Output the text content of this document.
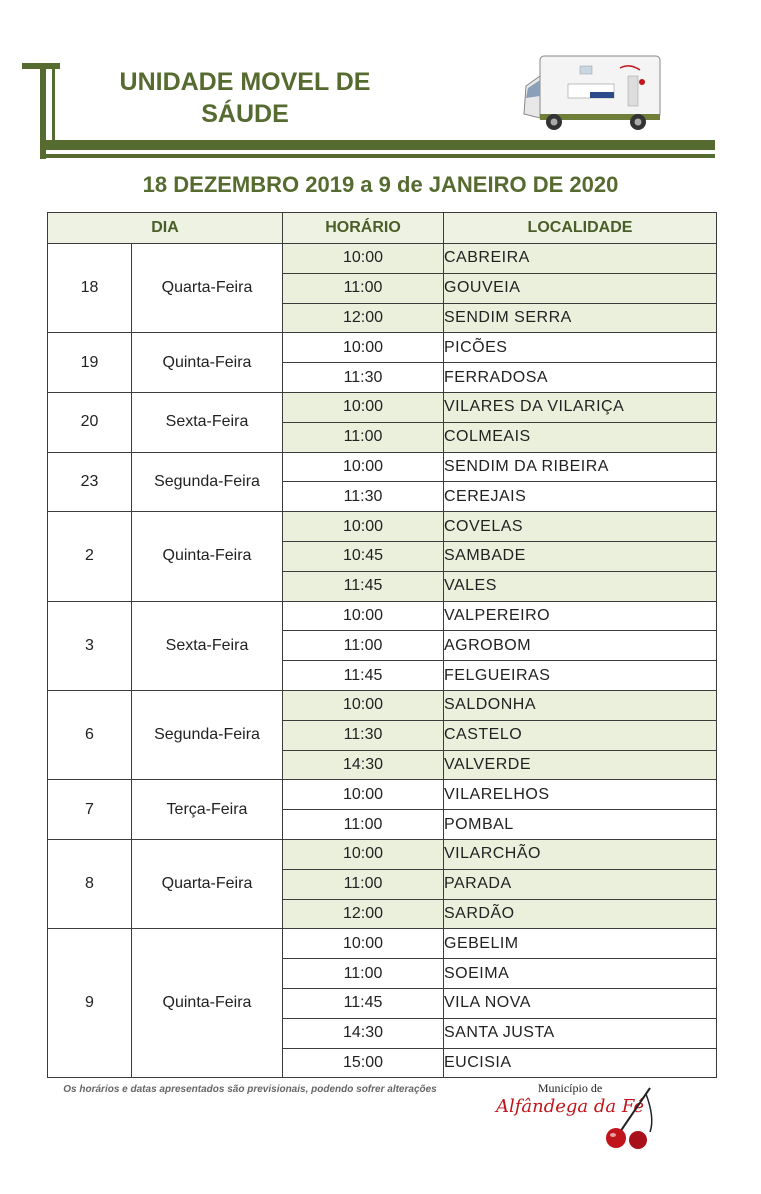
UNIDADE MOVEL DE
SÁUDE
18 DEZEMBRO 2019 a 9 de JANEIRO DE 2020
DIA		HORÁRIO	LOCALIDADE
18	Quarta-Feira	10:00	CABREIRA
		11:00	GOUVEIA
		12:00	SENDIM SERRA
19	Quinta-Feira	10:00	PICÕES
		11:30	FERRADOSA
20	Sexta-Feira	10:00	VILARES DA VILARIÇA
		11:00	COLMEAIS
23	Segunda-Feira	10:00	SENDIM DA RIBEIRA
		11:30	CEREJAIS
2	Quinta-Feira	10:00	COVELAS
		10:45	SAMBADE
		11:45	VALES
3	Sexta-Feira	10:00	VALPEREIRO
		11:00	AGROBOM
		11:45	FELGUEIRAS
6	Segunda-Feira	10:00	SALDONHA
		11:30	CASTELO
		14:30	VALVERDE
7	Terça-Feira	10:00	VILARELHOS
		11:00	POMBAL
8	Quarta-Feira	10:00	VILARCHÃO
		11:00	PARADA
		12:00	SARDÃO
9	Quinta-Feira	10:00	GEBELIM
		11:00	SOEIMA
		11:45	VILA NOVA
		14:30	SANTA JUSTA
		15:00	EUCISIA
Os horários e datas apresentados são previsionais, podendo sofrer alterações	Município de
Alfândega da Fé
